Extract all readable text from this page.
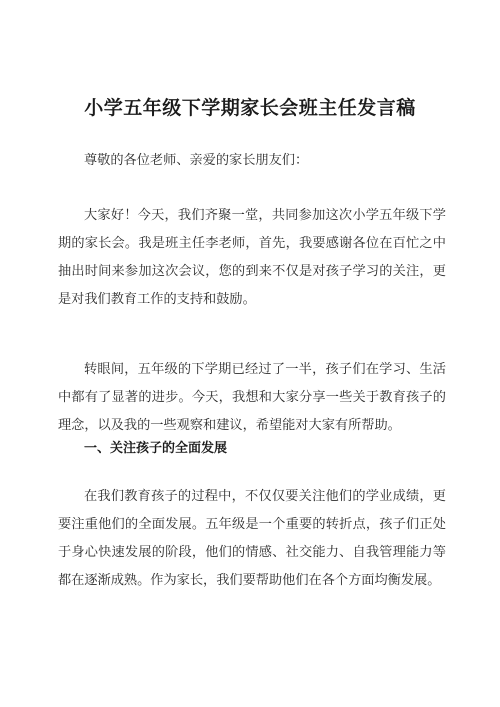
小学五年级下学期家长会班主任发言稿

尊敬的各位老师、亲爱的家长朋友们：

大家好！今天，我们齐聚一堂，共同参加这次小学五年级下学期的家长会。我是班主任李老师，首先，我要感谢各位在百忙之中抽出时间来参加这次会议，您的到来不仅是对孩子学习的关注，更是对我们教育工作的支持和鼓励。

转眼间，五年级的下学期已经过了一半，孩子们在学习、生活中都有了显著的进步。今天，我想和大家分享一些关于教育孩子的理念，以及我的一些观察和建议，希望能对大家有所帮助。

一、关注孩子的全面发展

在我们教育孩子的过程中，不仅仅要关注他们的学业成绩，更要注重他们的全面发展。五年级是一个重要的转折点，孩子们正处于身心快速发展的阶段，他们的情感、社交能力、自我管理能力等都在逐渐成熟。作为家长，我们要帮助他们在各个方面均衡发展。
